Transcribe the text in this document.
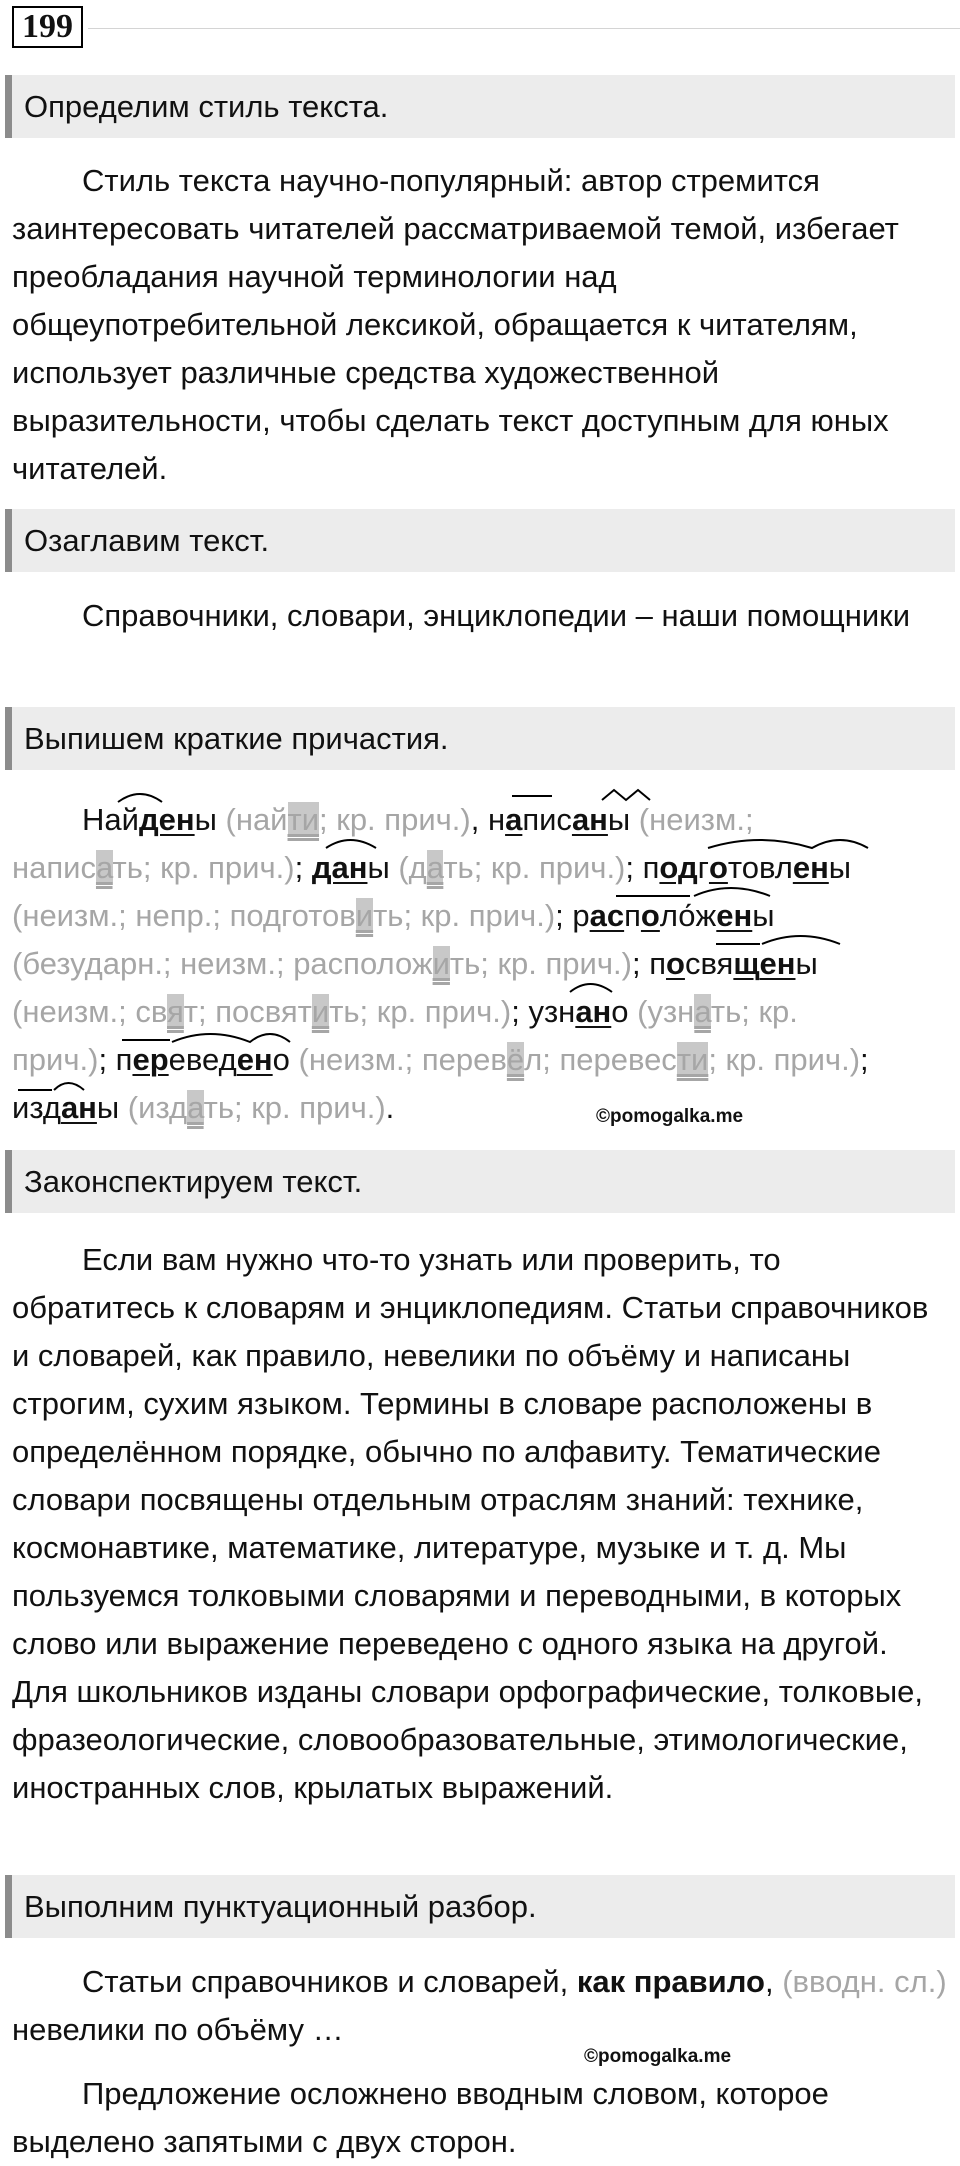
199
Определим стиль текста.

Стиль текста научно-популярный: автор стремится заинтересовать читателей рассматриваемой темой, избегает преобладания научной терминологии над общеупотребительной лексикой, обращается к читателям, использует различные средства художественной выразительности, чтобы сделать текст доступным для юных читателей.

Озаглавим текст.

Справочники, словари, энциклопедии – наши помощники

Выпишем краткие причастия.
Найдены (найти; кр. прич.), написаны (неизм.;
написать; кр. прич.); даны (дать; кр. прич.); подготовлены
(неизм.; непр.; подготовить; кр. прич.); расположены
(безударн.; неизм.; расположить; кр. прич.); посвящены
(неизм.; свят; посвятить; кр. прич.); узнано (узнать; кр.
прич.); переведено (неизм.; перевёл; перевести; кр. прич.);
изданы (издать; кр. прич.).	©pomogalka.me
Законспектируем текст.

Если вам нужно что-то узнать или проверить, то обратитесь к словарям и энциклопедиям. Статьи справочников и словарей, как правило, невелики по объёму и написаны строгим, сухим языком. Термины в словаре расположены в определённом порядке, обычно по алфавиту. Тематические словари посвящены отдельным отраслям знаний: технике, космонавтике, математике, литературе, музыке и т. д. Мы пользуемся толковыми словарями и переводными, в которых слово или выражение переведено с одного языка на другой. Для школьников изданы словари орфографические, толковые, фразеологические, словообразовательные, этимологические, иностранных слов, крылатых выражений.

Выполним пунктуационный разбор.

Статьи справочников и словарей, как правило, (вводн. сл.) невелики по объёму …

©pomogalka.me

Предложение осложнено вводным словом, которое выделено запятыми с двух сторон.
